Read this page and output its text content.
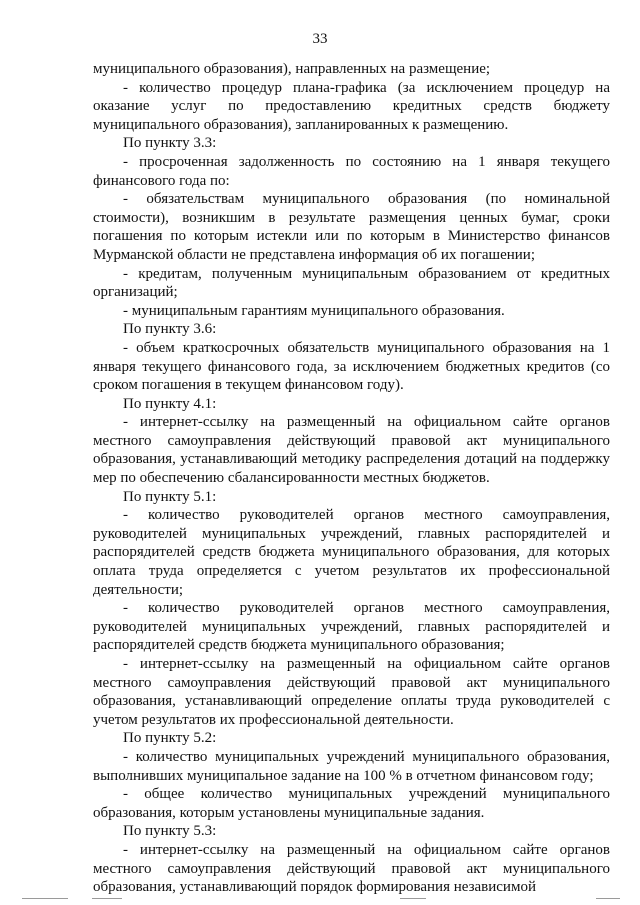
33

муниципального образования), направленных на размещение;

- количество процедур плана-графика (за исключением процедур на оказание услуг по предоставлению кредитных средств бюджету муниципального образования), запланированных к размещению.

По пункту 3.3:

- просроченная задолженность по состоянию на 1 января текущего финансового года по:

- обязательствам муниципального образования (по номинальной стоимости), возникшим в результате размещения ценных бумаг, сроки погашения по которым истекли или по которым в Министерство финансов Мурманской области не представлена информация об их погашении;

- кредитам, полученным муниципальным образованием от кредитных организаций;

- муниципальным гарантиям муниципального образования.

По пункту 3.6:

- объем краткосрочных обязательств муниципального образования на 1 января текущего финансового года, за исключением бюджетных кредитов (со сроком погашения в текущем финансовом году).

По пункту 4.1:

- интернет-ссылку на размещенный на официальном сайте органов местного самоуправления действующий правовой акт муниципального образования, устанавливающий методику распределения дотаций на поддержку мер по обеспечению сбалансированности местных бюджетов.

По пункту 5.1:

- количество руководителей органов местного самоуправления, руководителей муниципальных учреждений, главных распорядителей и распорядителей средств бюджета муниципального образования, для которых оплата труда определяется с учетом результатов их профессиональной деятельности;

- количество руководителей органов местного самоуправления, руководителей муниципальных учреждений, главных распорядителей и распорядителей средств бюджета муниципального образования;

- интернет-ссылку на размещенный на официальном сайте органов местного самоуправления действующий правовой акт муниципального образования, устанавливающий определение оплаты труда руководителей с учетом результатов их профессиональной деятельности.

По пункту 5.2:

- количество муниципальных учреждений муниципального образования, выполнивших муниципальное задание на 100 % в отчетном финансовом году;

- общее количество муниципальных учреждений муниципального образования, которым установлены муниципальные задания.

По пункту 5.3:

- интернет-ссылку на размещенный на официальном сайте органов местного самоуправления действующий правовой акт муниципального образования, устанавливающий порядок формирования независимой
